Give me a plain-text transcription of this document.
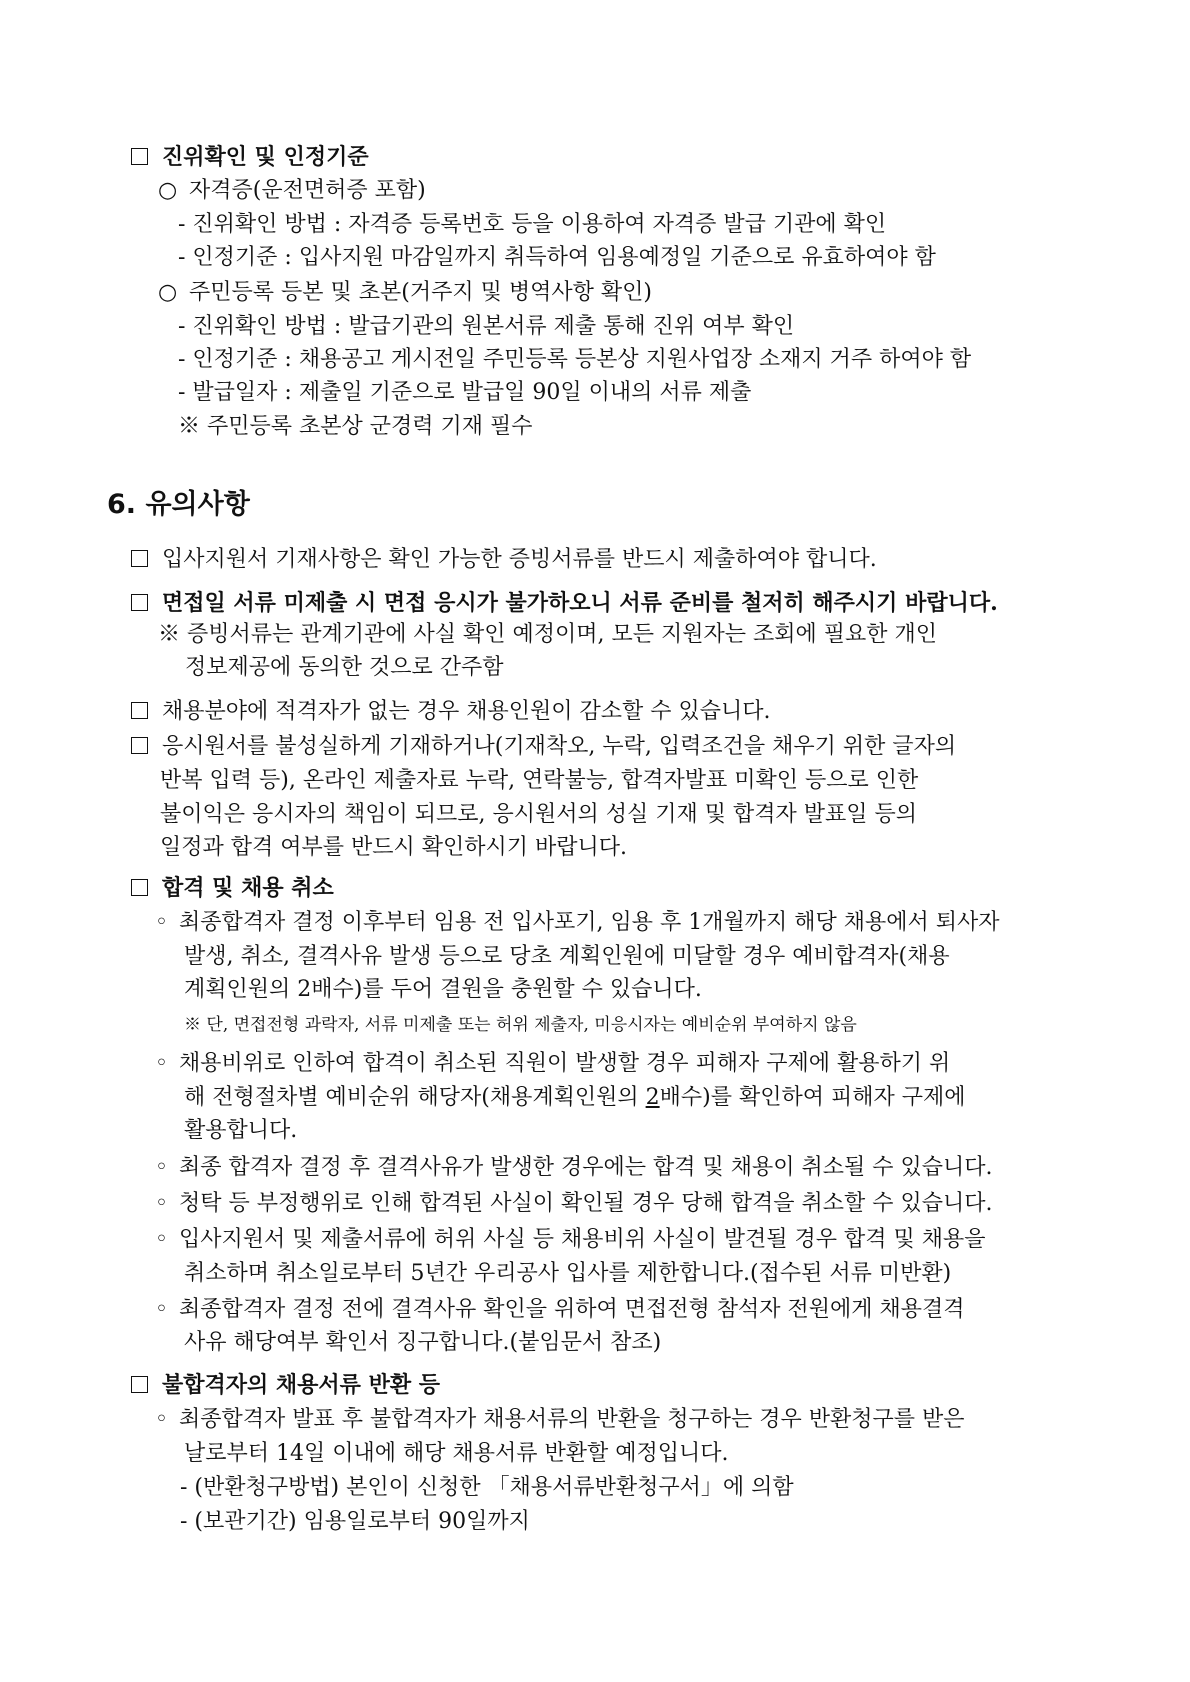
진위확인 및 인정기준
○ 자격증(운전면허증 포함)
- 진위확인 방법 : 자격증 등록번호 등을 이용하여 자격증 발급 기관에 확인
- 인정기준 : 입사지원 마감일까지 취득하여 임용예정일 기준으로 유효하여야 함
○ 주민등록 등본 및 초본(거주지 및 병역사항 확인)
- 진위확인 방법 : 발급기관의 원본서류 제출 통해 진위 여부 확인
- 인정기준 : 채용공고 게시전일 주민등록 등본상 지원사업장 소재지 거주 하여야 함
- 발급일자 : 제출일 기준으로 발급일 90일 이내의 서류 제출
※ 주민등록 초본상 군경력 기재 필수
6. 유의사항
입사지원서 기재사항은 확인 가능한 증빙서류를 반드시 제출하여야 합니다.
면접일 서류 미제출 시 면접 응시가 불가하오니 서류 준비를 철저히 해주시기 바랍니다.
※ 증빙서류는 관계기관에 사실 확인 예정이며, 모든 지원자는 조회에 필요한 개인
정보제공에 동의한 것으로 간주함
채용분야에 적격자가 없는 경우 채용인원이 감소할 수 있습니다.
응시원서를 불성실하게 기재하거나(기재착오, 누락, 입력조건을 채우기 위한 글자의
반복 입력 등), 온라인 제출자료 누락, 연락불능, 합격자발표 미확인 등으로 인한
불이익은 응시자의 책임이 되므로, 응시원서의 성실 기재 및 합격자 발표일 등의
일정과 합격 여부를 반드시 확인하시기 바랍니다.
합격 및 채용 취소
◦ 최종합격자 결정 이후부터 임용 전 입사포기, 임용 후 1개월까지 해당 채용에서 퇴사자
발생, 취소, 결격사유 발생 등으로 당초 계획인원에 미달할 경우 예비합격자(채용
계획인원의 2배수)를 두어 결원을 충원할 수 있습니다.
※ 단, 면접전형 과락자, 서류 미제출 또는 허위 제출자, 미응시자는 예비순위 부여하지 않음
◦ 채용비위로 인하여 합격이 취소된 직원이 발생할 경우 피해자 구제에 활용하기 위
해 전형절차별 예비순위 해당자(채용계획인원의 2배수)를 확인하여 피해자 구제에
활용합니다.
◦ 최종 합격자 결정 후 결격사유가 발생한 경우에는 합격 및 채용이 취소될 수 있습니다.
◦ 청탁 등 부정행위로 인해 합격된 사실이 확인될 경우 당해 합격을 취소할 수 있습니다.
◦ 입사지원서 및 제출서류에 허위 사실 등 채용비위 사실이 발견될 경우 합격 및 채용을
취소하며 취소일로부터 5년간 우리공사 입사를 제한합니다.(접수된 서류 미반환)
◦ 최종합격자 결정 전에 결격사유 확인을 위하여 면접전형 참석자 전원에게 채용결격
사유 해당여부 확인서 징구합니다.(붙임문서 참조)
불합격자의 채용서류 반환 등
◦ 최종합격자 발표 후 불합격자가 채용서류의 반환을 청구하는 경우 반환청구를 받은
날로부터 14일 이내에 해당 채용서류 반환할 예정입니다.
- (반환청구방법) 본인이 신청한 「채용서류반환청구서」에 의함
- (보관기간) 임용일로부터 90일까지
